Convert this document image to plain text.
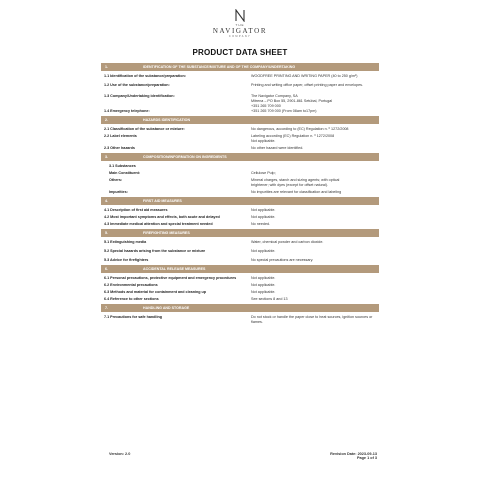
THE
NAVIGATOR
COMPANY
PRODUCT DATA SHEET
1.	IDENTIFICATION OF THE SUBSTANCE/MIXTURE AND OF THE COMPANY/UNDERTAKING
1.1 Identification of the substance/preparation:	WOODFREE PRINTING AND WRITING PAPER (40 to 250 g/m²)
1.2 Use of the substance/preparation:	Printing and writing office paper, offset printing paper and envelopes.
1.3 Company/Undertaking identification:	The Navigator Company, SA
Mitrena – PO Box 55, 2901-861 Setúbal, Portugal
+351 265 709 000
1.4 Emergency telephone:	+351 265 709 000 (From 08am to17pm)
2.	HAZARDS IDENTIFICATION
2.1 Classification of the substance or mixture:	No dangerous, according to (EC) Regulation n. º 1272/2008
2.2 Label elements	Labeling according (EC) Regulation n. º 1272/2008
Not applicable.
2.3 Other hazards	No other hazard were identified.
3.	COMPOSITION/INFORMATION ON INGREDIENTS
3.1 Substances
Main Constituent:	Cellulose Pulp;
Others:	Mineral charges, starch and sizing agents; with optical
brightener; with dyes (except for offset natural).
Impurities:	No impurities are relevant for classification and labeling
4.	FIRST AID MEASURES
4.1 Description of first aid measures	Not applicable.
4.2 Most important symptoms and effects, both acute and delayed	Not applicable.
4.3 Immediate medical attention and special treatment needed	No needed.
5.	FIREFIGHTING MEASURES
5.1 Extinguishing media	Water, chemical powder and carbon dioxide.
5.2 Special hazards arising from the substance or mixture	Not applicable.
5.3 Advice for firefighters	No special precautions are necessary.
6.	ACCIDENTAL RELEASE MEASURES
6.1 Personal precautions, protective equipment and emergency procedures	Not applicable.
6.2 Environmental precautions	Not applicable.
6.3 Methods and material for containment and cleaning up	Not applicable.
6.4 Reference to other sections	See sections 8 and 13
7.	HANDLING AND STORAGE
7.1 Precautions for safe handling	Do not stock or handle the paper close to heat sources, ignition sources or flames.
Version: 2.0	Revision Date: 2023-09-13
Page 1 of 3
